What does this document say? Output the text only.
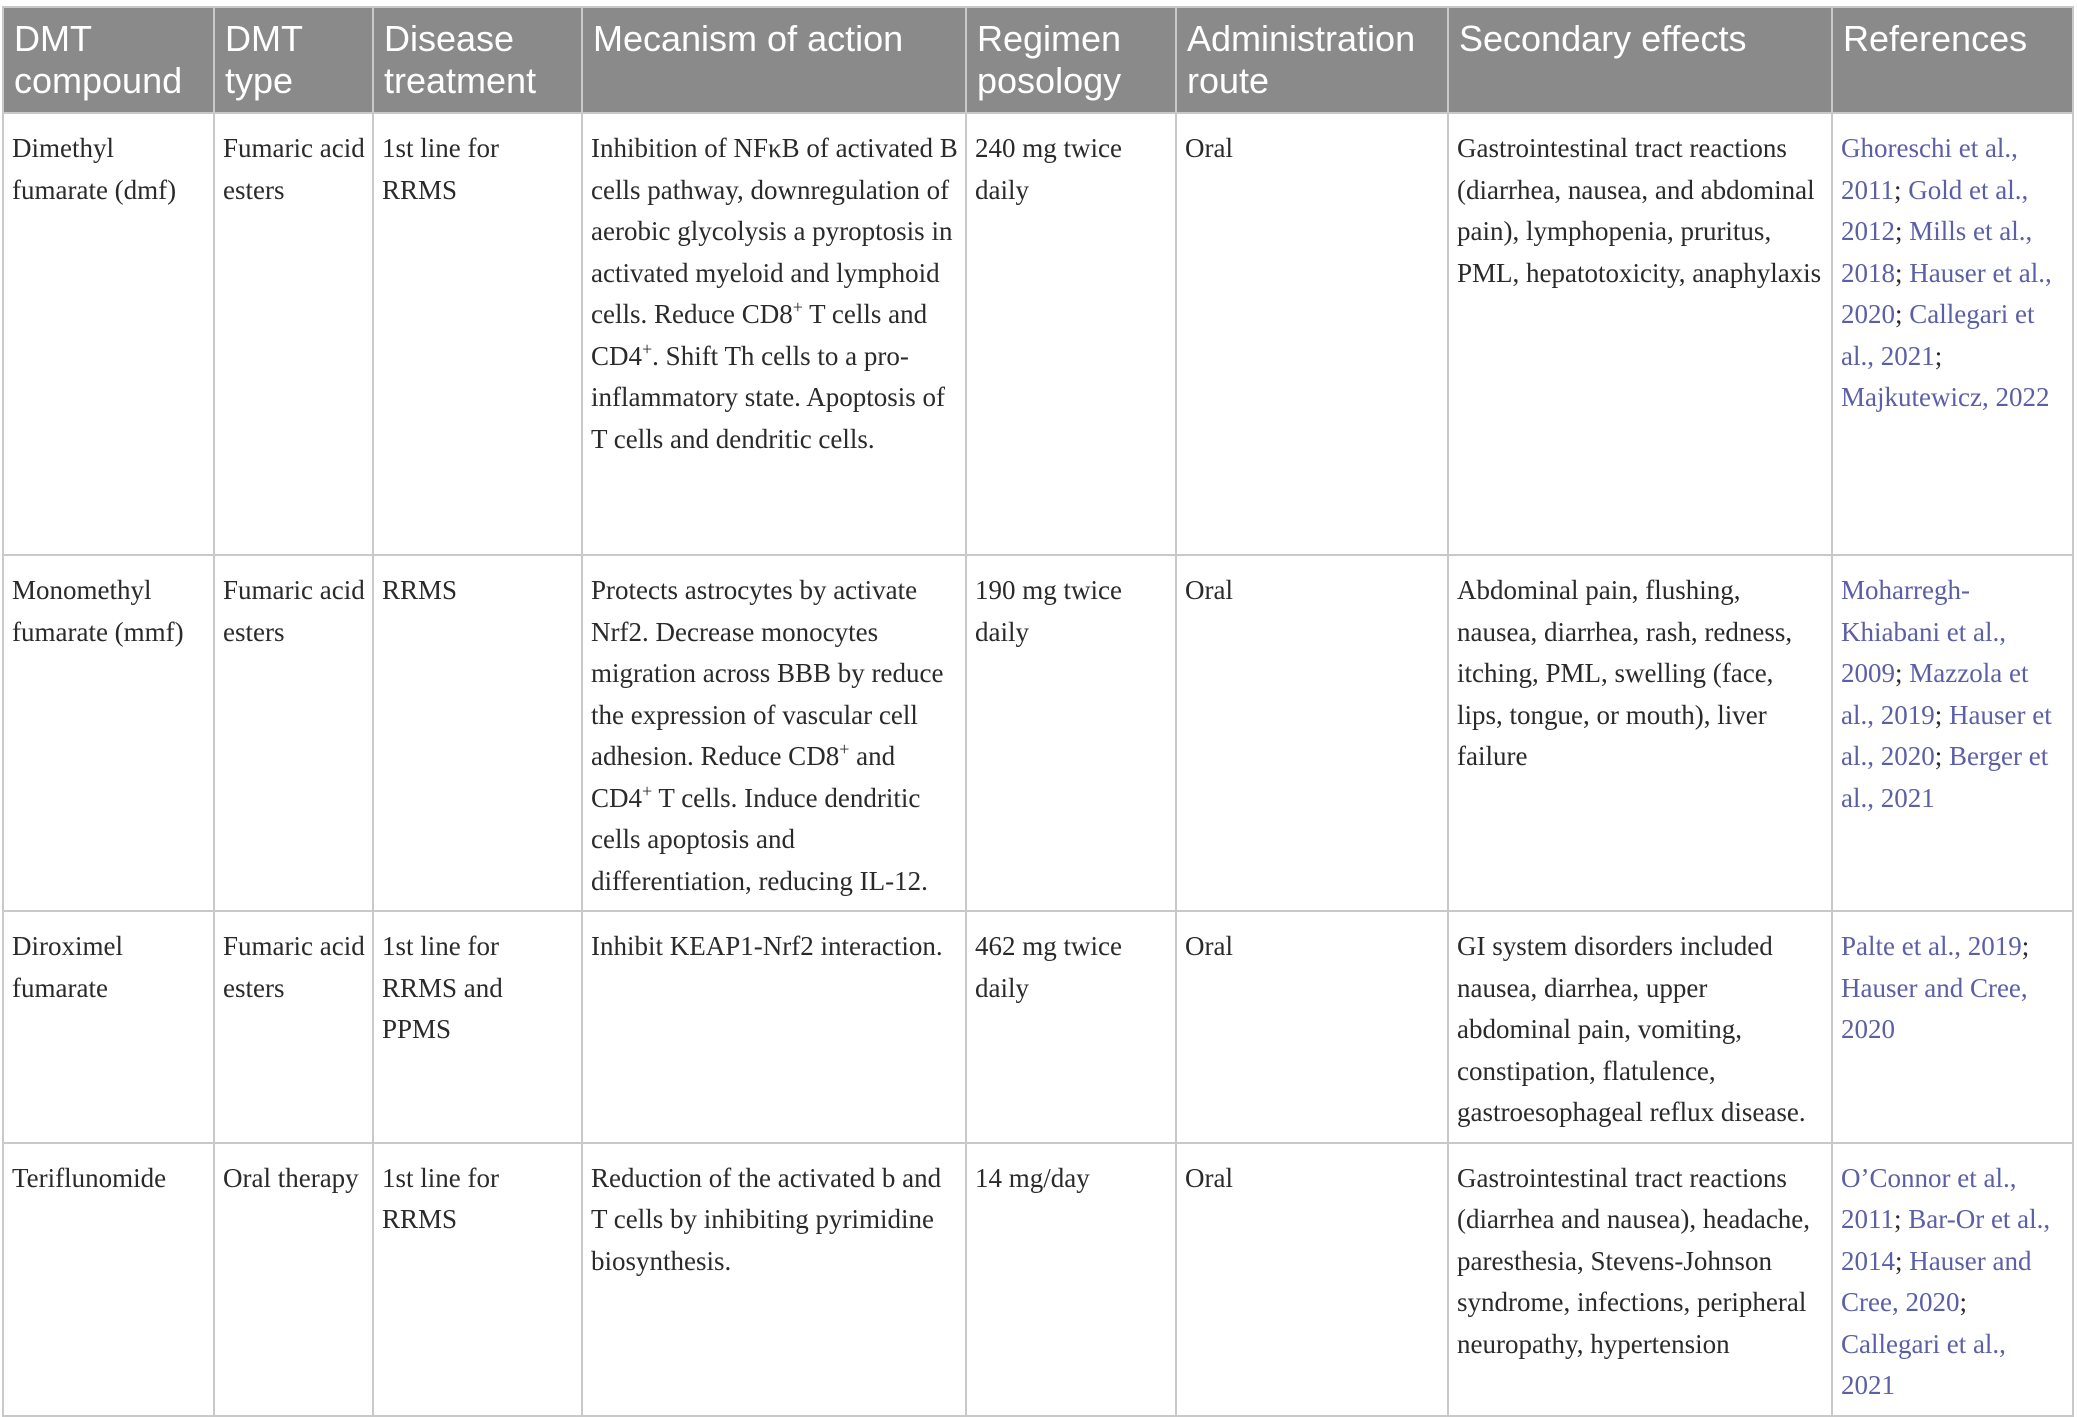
DMT compound	DMT type	Disease treatment	Mecanism of action	Regimen posology	Administration route	Secondary effects	References
Dimethyl fumarate (dmf)	Fumaric acid esters	1st line for RRMS	Inhibition of NFκB of activated B cells pathway, downregulation of aerobic glycolysis a pyroptosis in activated myeloid and lymphoid cells. Reduce CD8+ T cells and CD4+. Shift Th cells to a pro-inflammatory state. Apoptosis of T cells and dendritic cells.	240 mg twice daily	Oral	Gastrointestinal tract reactions (diarrhea, nausea, and abdominal pain), lymphopenia, pruritus, PML, hepatotoxicity, anaphylaxis	Ghoreschi et al., 2011; Gold et al., 2012; Mills et al., 2018; Hauser et al., 2020; Callegari et al., 2021; Majkutewicz, 2022
Monomethyl fumarate (mmf)	Fumaric acid esters	RRMS	Protects astrocytes by activate Nrf2. Decrease monocytes migration across BBB by reduce the expression of vascular cell adhesion. Reduce CD8+ and CD4+ T cells. Induce dendritic cells apoptosis and differentiation, reducing IL-12.	190 mg twice daily	Oral	Abdominal pain, flushing, nausea, diarrhea, rash, redness, itching, PML, swelling (face, lips, tongue, or mouth), liver failure	Moharregh-Khiabani et al., 2009; Mazzola et al., 2019; Hauser et al., 2020; Berger et al., 2021
Diroximel fumarate	Fumaric acid esters	1st line for RRMS and PPMS	Inhibit KEAP1-Nrf2 interaction.	462 mg twice daily	Oral	GI system disorders included nausea, diarrhea, upper abdominal pain, vomiting, constipation, flatulence, gastroesophageal reflux disease.	Palte et al., 2019; Hauser and Cree, 2020
Teriflunomide	Oral therapy	1st line for RRMS	Reduction of the activated b and T cells by inhibiting pyrimidine biosynthesis.	14 mg/day	Oral	Gastrointestinal tract reactions (diarrhea and nausea), headache, paresthesia, Stevens-Johnson syndrome, infections, peripheral neuropathy, hypertension	O’Connor et al., 2011; Bar-Or et al., 2014; Hauser and Cree, 2020; Callegari et al., 2021
